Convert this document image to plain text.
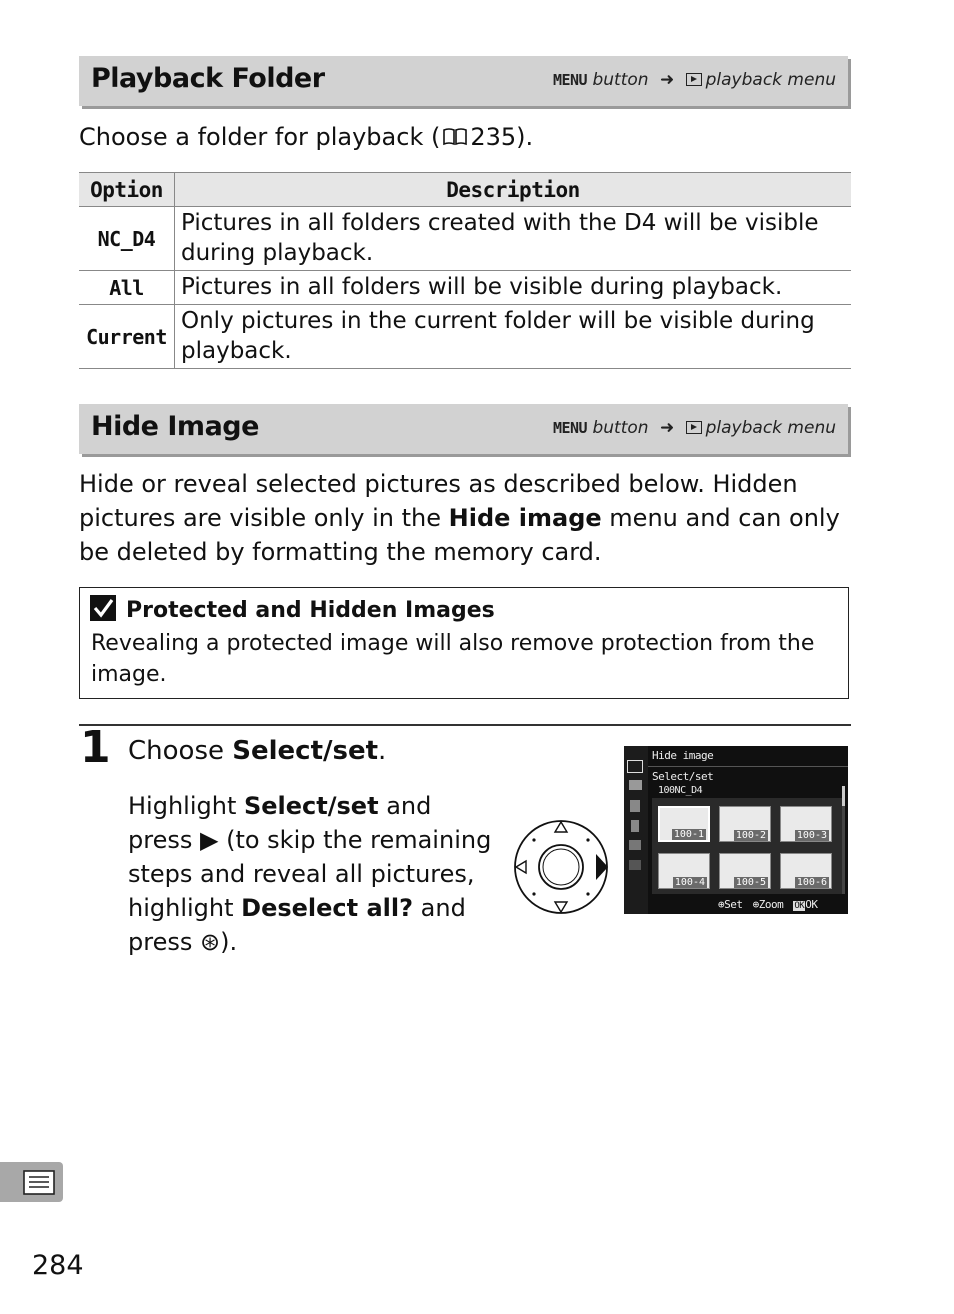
Playback Folder	MENU button ➜ playback menu
Choose a folder for playback ( 235).
Option	Description
NC_D4	Pictures in all folders created with the D4 will be visible during playback.
All	Pictures in all folders will be visible during playback.
Current	Only pictures in the current folder will be visible during playback.
Hide Image	MENU button ➜ playback menu
Hide or reveal selected pictures as described below. Hidden pictures are visible only in the Hide image menu and can only be deleted by formatting the memory card.
Protected and Hidden Images
Revealing a protected image will also remove protection from the image.
1 Choose Select/set.
Highlight Select/set and press ▶ (to skip the remaining steps and reveal all pictures, highlight Deselect all? and press ⊛).
Hide image
Select/set
100NC_D4
100-1	100-2	100-3
100-4	100-5	100-6
⊕Set ⊕Zoom OKOK
284
